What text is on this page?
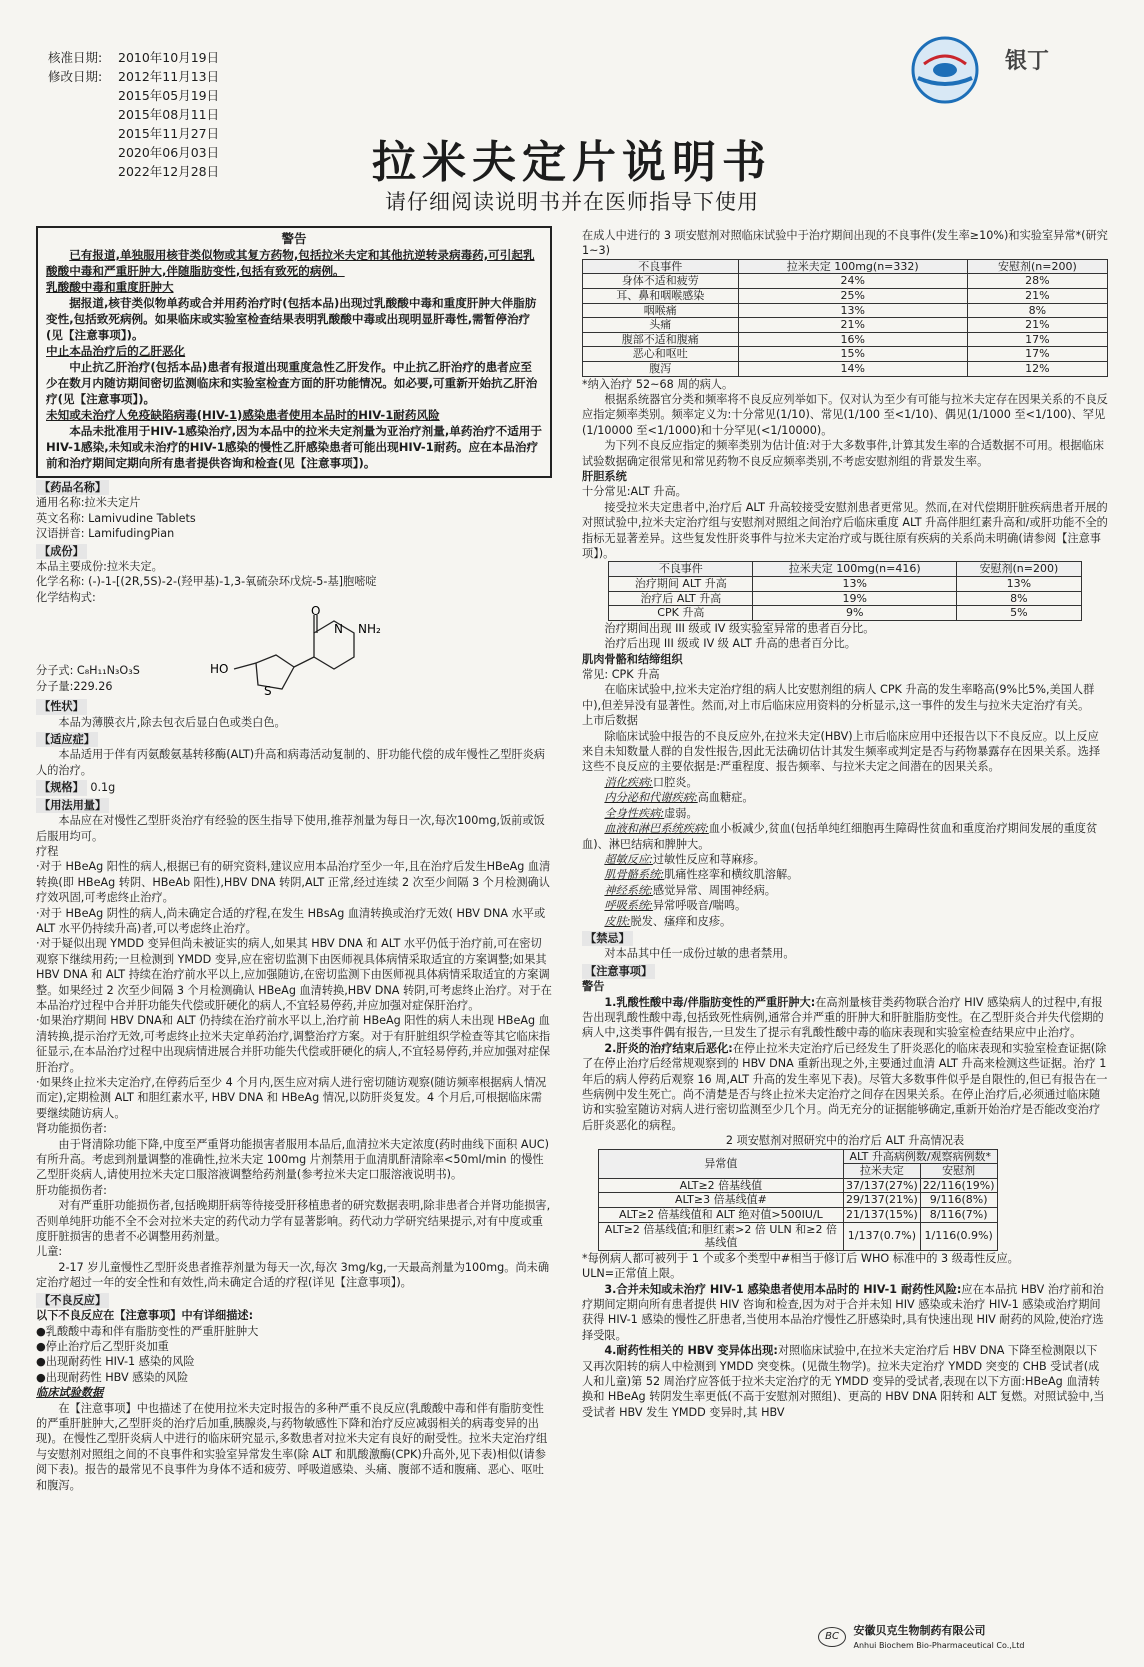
核准日期:	2010年10月19日
修改日期:	2012年11月13日
2015年05月19日
2015年08月11日
2015年11月27日
2020年06月03日
2022年12月28日
银丁
拉米夫定片说明书
请仔细阅读说明书并在医师指导下使用
警告

已有报道,单独服用核苷类似物或其复方药物,包括拉米夫定和其他抗逆转录病毒药,可引起乳酸酸中毒和严重肝肿大,伴随脂肪变性,包括有致死的病例。

乳酸酸中毒和重度肝肿大

据报道,核苷类似物单药或合并用药治疗时(包括本品)出现过乳酸酸中毒和重度肝肿大伴脂肪变性,包括致死病例。如果临床或实验室检查结果表明乳酸酸中毒或出现明显肝毒性,需暂停治疗(见【注意事项】)。

中止本品治疗后的乙肝恶化

中止抗乙肝治疗(包括本品)患者有报道出现重度急性乙肝发作。中止抗乙肝治疗的患者应至少在数月内随访期间密切监测临床和实验室检查方面的肝功能情况。如必要,可重新开始抗乙肝治疗(见【注意事项】)。

未知或未治疗人免疫缺陷病毒(HIV-1)感染患者使用本品时的HIV-1耐药风险

本品未批准用于HIV-1感染治疗,因为本品中的拉米夫定剂量为亚治疗剂量,单药治疗不适用于HIV-1感染,未知或未治疗的HIV-1感染的慢性乙肝感染患者可能出现HIV-1耐药。应在本品治疗前和治疗期间定期向所有患者提供咨询和检查(见【注意事项】)。

【药品名称】

通用名称:拉米夫定片

英文名称: Lamivudine Tablets

汉语拼音: LamifudingPian

【成份】

本品主要成份:拉米夫定。

化学名称: (-)-1-[(2R,5S)-2-(羟甲基)-1,3-氧硫杂环戊烷-5-基]胞嘧啶

化学结构式:

O
N NH₂
HO
S

分子式: C₈H₁₁N₃O₃S

分子量:229.26

【性状】

本品为薄膜衣片,除去包衣后显白色或类白色。

【适应症】

本品适用于伴有丙氨酸氨基转移酶(ALT)升高和病毒活动复制的、肝功能代偿的成年慢性乙型肝炎病人的治疗。

【规格】 0.1g
【用法用量】

本品应在对慢性乙型肝炎治疗有经验的医生指导下使用,推荐剂量为每日一次,每次100mg,饭前或饭后服用均可。

疗程

·对于 HBeAg 阳性的病人,根据已有的研究资料,建议应用本品治疗至少一年,且在治疗后发生HBeAg 血清转换(即 HBeAg 转阴、HBeAb 阳性),HBV DNA 转阴,ALT 正常,经过连续 2 次至少间隔 3 个月检测确认疗效巩固,可考虑终止治疗。

·对于 HBeAg 阴性的病人,尚未确定合适的疗程,在发生 HBsAg 血清转换或治疗无效( HBV DNA 水平或 ALT 水平仍持续升高)者,可以考虑终止治疗。

·对于疑似出现 YMDD 变异但尚未被证实的病人,如果其 HBV DNA 和 ALT 水平仍低于治疗前,可在密切观察下继续用药;一旦检测到 YMDD 变异,应在密切监测下由医师视具体病情采取适宜的方案调整;如果其 HBV DNA 和 ALT 持续在治疗前水平以上,应加强随访,在密切监测下由医师视具体病情采取适宜的方案调整。如果经过 2 次至少间隔 3 个月检测确认 HBeAg 血清转换,HBV DNA 转阴,可考虑终止治疗。对于在本品治疗过程中合并肝功能失代偿或肝硬化的病人,不宜轻易停药,并应加强对症保肝治疗。

·如果治疗期间 HBV DNA和 ALT 仍持续在治疗前水平以上,治疗前 HBeAg 阳性的病人未出现 HBeAg 血清转换,提示治疗无效,可考虑终止拉米夫定单药治疗,调整治疗方案。对于有肝脏组织学检查等其它临床指征显示,在本品治疗过程中出现病情进展合并肝功能失代偿或肝硬化的病人,不宜轻易停药,并应加强对症保肝治疗。

·如果终止拉米夫定治疗,在停药后至少 4 个月内,医生应对病人进行密切随访观察(随访频率根据病人情况而定),定期检测 ALT 和胆红素水平, HBV DNA 和 HBeAg 情况,以防肝炎复发。4 个月后,可根据临床需要继续随访病人。

肾功能损伤者:

由于肾清除功能下降,中度至严重肾功能损害者服用本品后,血清拉米夫定浓度(药时曲线下面积 AUC)有所升高。考虑到剂量调整的准确性,拉米夫定 100mg 片剂禁用于血清肌酐清除率<50ml/min 的慢性乙型肝炎病人,请使用拉米夫定口服溶液调整给药剂量(参考拉米夫定口服溶液说明书)。

肝功能损伤者:

对有严重肝功能损伤者,包括晚期肝病等待接受肝移植患者的研究数据表明,除非患者合并肾功能损害,否则单纯肝功能不全不会对拉米夫定的药代动力学有显著影响。药代动力学研究结果提示,对有中度或重度肝脏损害的患者不必调整用药剂量。

儿童:

2-17 岁儿童慢性乙型肝炎患者推荐剂量为每天一次,每次 3mg/kg,一天最高剂量为100mg。尚未确定治疗超过一年的安全性和有效性,尚未确定合适的疗程(详见【注意事项】)。

【不良反应】

以下不良反应在【注意事项】中有详细描述:

●乳酸酸中毒和伴有脂肪变性的严重肝脏肿大

●停止治疗后乙型肝炎加重

●出现耐药性 HIV-1 感染的风险

●出现耐药性 HBV 感染的风险

临床试验数据

在【注意事项】中也描述了在使用拉米夫定时报告的多种严重不良反应(乳酸酸中毒和伴有脂肪变性的严重肝脏肿大,乙型肝炎的治疗后加重,胰腺炎,与药物敏感性下降和治疗反应减弱相关的病毒变异的出现)。在慢性乙型肝炎病人中进行的临床研究显示,多数患者对拉米夫定有良好的耐受性。拉米夫定治疗组与安慰剂对照组之间的不良事件和实验室异常发生率(除 ALT 和肌酸激酶(CPK)升高外,见下表)相似(请参阅下表)。报告的最常见不良事件为身体不适和疲劳、呼吸道感染、头痛、腹部不适和腹痛、恶心、呕吐和腹泻。

在成人中进行的 3 项安慰剂对照临床试验中于治疗期间出现的不良事件(发生率≥10%)和实验室异常*(研究 1~3)

不良事件	拉米夫定 100mg(n=332)	安慰剂(n=200)
身体不适和疲劳	24%	28%
耳、鼻和咽喉感染	25%	21%
咽喉痛	13%	8%
头痛	21%	21%
腹部不适和腹痛	16%	17%
恶心和呕吐	15%	17%
腹泻	14%	12%

*纳入治疗 52~68 周的病人。

根据系统器官分类和频率将不良反应列举如下。仅对认为至少有可能与拉米夫定存在因果关系的不良反应指定频率类别。频率定义为:十分常见(1/10)、常见(1/100 至<1/10)、偶见(1/1000 至<1/100)、罕见(1/10000 至<1/1000)和十分罕见(<1/10000)。

为下列不良反应指定的频率类别为估计值:对于大多数事件,计算其发生率的合适数据不可用。根据临床试验数据确定很常见和常见药物不良反应频率类别,不考虑安慰剂组的背景发生率。

肝胆系统

十分常见:ALT 升高。

接受拉米夫定患者中,治疗后 ALT 升高较接受安慰剂患者更常见。然而,在对代偿期肝脏疾病患者开展的对照试验中,拉米夫定治疗组与安慰剂对照组之间治疗后临床重度 ALT 升高伴胆红素升高和/或肝功能不全的指标无显著差异。这些复发性肝炎事件与拉米夫定治疗或与既往原有疾病的关系尚未明确(请参阅【注意事项】)。

不良事件	拉米夫定 100mg(n=416)	安慰剂(n=200)
治疗期间 ALT 升高	13%	13%
治疗后 ALT 升高	19%	8%
CPK 升高	9%	5%

治疗期间出现 III 级或 IV 级实验室异常的患者百分比。

治疗后出现 III 级或 IV 级 ALT 升高的患者百分比。

肌肉骨骼和结缔组织

常见: CPK 升高

在临床试验中,拉米夫定治疗组的病人比安慰剂组的病人 CPK 升高的发生率略高(9%比5%,美国人群中),但差异没有显著性。然而,对上市后临床应用资料的分析显示,这一事件的发生与拉米夫定治疗有关。

上市后数据

除临床试验中报告的不良反应外,在拉米夫定(HBV)上市后临床应用中还报告以下不良反应。以上反应来自未知数量人群的自发性报告,因此无法确切估计其发生频率或判定是否与药物暴露存在因果关系。选择这些不良反应的主要依据是:严重程度、报告频率、与拉米夫定之间潜在的因果关系。

消化疾病:口腔炎。

内分泌和代谢疾病:高血糖症。

全身性疾病:虚弱。

血液和淋巴系统疾病:血小板减少,贫血(包括单纯红细胞再生障碍性贫血和重度治疗期间发展的重度贫血)、淋巴结病和脾肿大。

超敏反应:过敏性反应和荨麻疹。

肌骨骼系统:肌痛性痉挛和横纹肌溶解。

神经系统:感觉异常、周围神经病。

呼吸系统:异常呼吸音/喘鸣。

皮肤:脱发、瘙痒和皮疹。

【禁忌】

对本品其中任一成份过敏的患者禁用。

【注意事项】

警告

1.乳酸性酸中毒/伴脂肪变性的严重肝肿大:在高剂量核苷类药物联合治疗 HIV 感染病人的过程中,有报告出现乳酸性酸中毒,包括致死性病例,通常合并严重的肝肿大和肝脏脂肪变性。在乙型肝炎合并失代偿期的病人中,这类事件偶有报告,一旦发生了提示有乳酸性酸中毒的临床表现和实验室检查结果应中止治疗。

2.肝炎的治疗结束后恶化:在停止拉米夫定治疗后已经发生了肝炎恶化的临床表现和实验室检查证据(除了在停止治疗后经常规观察到的 HBV DNA 重新出现之外,主要通过血清 ALT 升高来检测这些证据。治疗 1 年后的病人停药后观察 16 周,ALT 升高的发生率见下表)。尽管大多数事件似乎是自限性的,但已有报告在一些病例中发生死亡。尚不清楚是否与终止拉米夫定治疗之间存在因果关系。在停止治疗后,必须通过临床随访和实验室随访对病人进行密切监测至少几个月。尚无充分的证据能够确定,重新开始治疗是否能改变治疗后肝炎恶化的病程。

2 项安慰剂对照研究中的治疗后 ALT 升高情况表

异常值	ALT 升高病例数/观察病例数*	
	拉米夫定	安慰剂
ALT≥2 倍基线值	37/137(27%)	22/116(19%)
ALT≥3 倍基线值#	29/137(21%)	9/116(8%)
ALT≥2 倍基线值和 ALT 绝对值>500IU/L	21/137(15%)	8/116(7%)
ALT≥2 倍基线值;和胆红素>2 倍 ULN 和≥2 倍基线值	1/137(0.7%)	1/116(0.9%)

*每例病人都可被列于 1 个或多个类型中#相当于修订后 WHO 标准中的 3 级毒性反应。

ULN=正常值上限。

3.合并未知或未治疗 HIV-1 感染患者使用本品时的 HIV-1 耐药性风险:应在本品抗 HBV 治疗前和治疗期间定期向所有患者提供 HIV 咨询和检查,因为对于合并未知 HIV 感染或未治疗 HIV-1 感染或治疗期间获得 HIV-1 感染的慢性乙肝患者,当使用本品治疗慢性乙肝感染时,具有快速出现 HIV 耐药的风险,使治疗选择受限。

4.耐药性相关的 HBV 变异体出现:对照临床试验中,在拉米夫定治疗后 HBV DNA 下降至检测限以下又再次阳转的病人中检测到 YMDD 突变株。(见微生物学)。拉米夫定治疗 YMDD 突变的 CHB 受试者(成人和儿童)第 52 周治疗应答低于拉米夫定治疗的无 YMDD 变异的受试者,表现在以下方面:HBeAg 血清转换和 HBeAg 转阴发生率更低(不高于安慰剂对照组)、更高的 HBV DNA 阳转和 ALT 复燃。对照试验中,当受试者 HBV 发生 YMDD 变异时,其 HBV

BC 安徽贝克生物制药有限公司
Anhui Biochem Bio-Pharmaceutical Co.,Ltd
